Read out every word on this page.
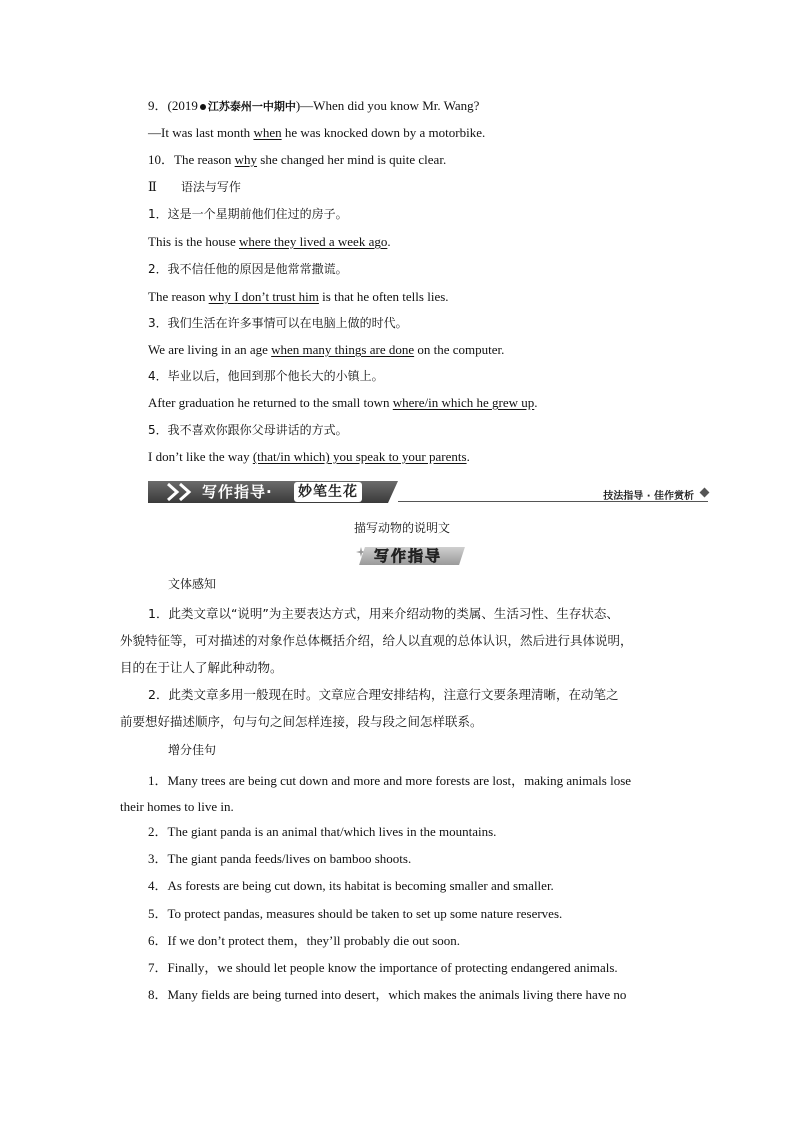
9．(2019 江苏泰州一中期中)—When did you know Mr. Wang?
—It was last month when he was knocked down by a motorbike.
10．The reason why she changed her mind is quite clear.
Ⅱ 语法与写作
1．这是一个星期前他们住过的房子。
This is the house where they lived a week ago.
2．我不信任他的原因是他常常撒谎。
The reason why I don’t trust him is that he often tells lies.
3．我们生活在许多事情可以在电脑上做的时代。
We are living in an age when many things are done on the computer.
4．毕业以后，他回到那个他长大的小镇上。
After graduation he returned to the small town where/in which he grew up.
5．我不喜欢你跟你父母讲话的方式。
I don’t like the way (that/in which) you speak to your parents.
写作指导· 妙笔生花	技法指导 · 佳作赏析
描写动物的说明文
写作指导
文体感知
1．此类文章以“说明”为主要表达方式，用来介绍动物的类属、生活习性、生存状态、
外貌特征等，可对描述的对象作总体概括介绍，给人以直观的总体认识，然后进行具体说明，
目的在于让人了解此种动物。
2．此类文章多用一般现在时。文章应合理安排结构，注意行文要条理清晰，在动笔之
前要想好描述顺序，句与句之间怎样连接，段与段之间怎样联系。
增分佳句
1．Many trees are being cut down and more and more forests are lost，making animals lose
their homes to live in.
2．The giant panda is an animal that/which lives in the mountains.
3．The giant panda feeds/lives on bamboo shoots.
4．As forests are being cut down, its habitat is becoming smaller and smaller.
5．To protect pandas, measures should be taken to set up some nature reserves.
6．If we don’t protect them，they’ll probably die out soon.
7．Finally，we should let people know the importance of protecting endangered animals.
8．Many fields are being turned into desert，which makes the animals living there have no
